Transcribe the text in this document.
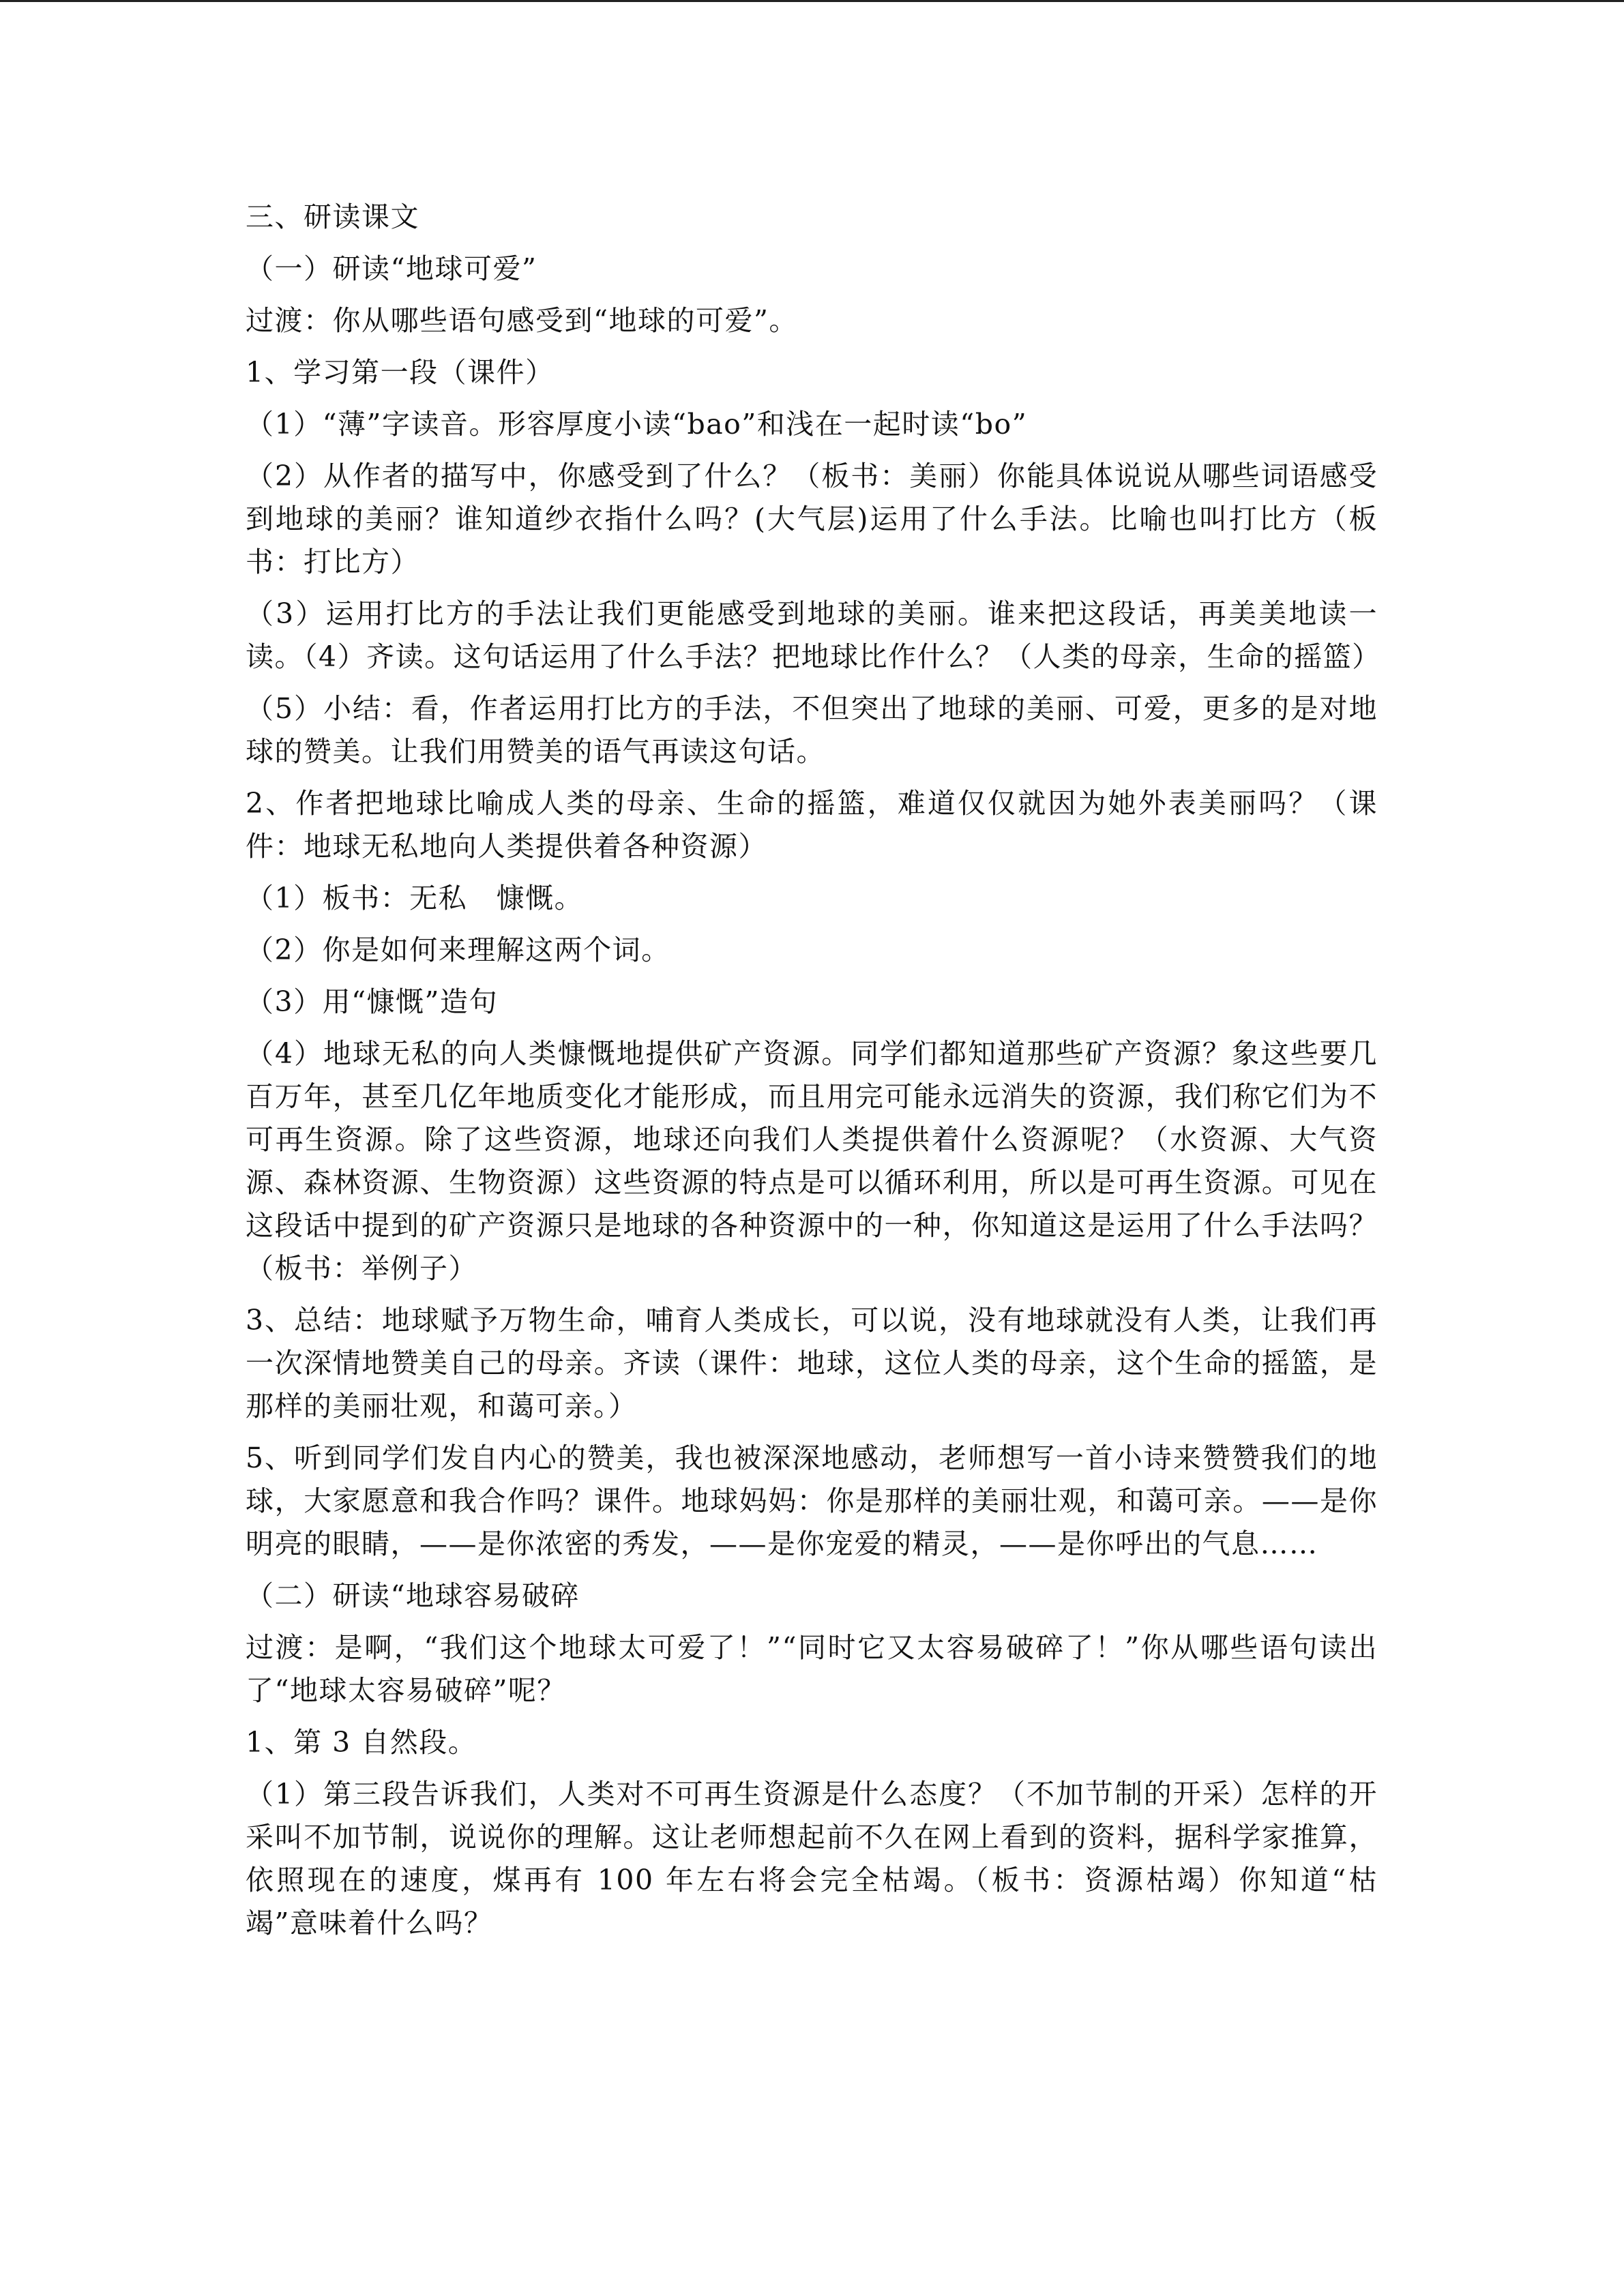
三、研读课文

（一）研读“地球可爱”

过渡：你从哪些语句感受到“地球的可爱”。

1、学习第一段（课件）

（1）“薄”字读音。形容厚度小读“bao”和浅在一起时读“bo”

（2）从作者的描写中，你感受到了什么？（板书：美丽）你能具体说说从哪些词语感受到地球的美丽？谁知道纱衣指什么吗？(大气层)运用了什么手法。比喻也叫打比方（板书：打比方）

（3）运用打比方的手法让我们更能感受到地球的美丽。谁来把这段话，再美美地读一读。（4）齐读。这句话运用了什么手法？把地球比作什么？（人类的母亲，生命的摇篮）

（5）小结：看，作者运用打比方的手法，不但突出了地球的美丽、可爱，更多的是对地球的赞美。让我们用赞美的语气再读这句话。

2、作者把地球比喻成人类的母亲、生命的摇篮，难道仅仅就因为她外表美丽吗？（课件：地球无私地向人类提供着各种资源）

（1）板书：无私　慷慨。

（2）你是如何来理解这两个词。

（3）用“慷慨”造句

（4）地球无私的向人类慷慨地提供矿产资源。同学们都知道那些矿产资源？象这些要几百万年，甚至几亿年地质变化才能形成，而且用完可能永远消失的资源，我们称它们为不可再生资源。除了这些资源，地球还向我们人类提供着什么资源呢？（水资源、大气资源、森林资源、生物资源）这些资源的特点是可以循环利用，所以是可再生资源。可见在这段话中提到的矿产资源只是地球的各种资源中的一种，你知道这是运用了什么手法吗？（板书：举例子）

3、总结：地球赋予万物生命，哺育人类成长，可以说，没有地球就没有人类，让我们再一次深情地赞美自己的母亲。齐读（课件：地球，这位人类的母亲，这个生命的摇篮，是那样的美丽壮观，和蔼可亲。）

5、听到同学们发自内心的赞美，我也被深深地感动，老师想写一首小诗来赞赞我们的地球，大家愿意和我合作吗？课件。地球妈妈：你是那样的美丽壮观，和蔼可亲。——是你明亮的眼睛，——是你浓密的秀发，——是你宠爱的精灵，——是你呼出的气息……

（二）研读“地球容易破碎

过渡：是啊，“我们这个地球太可爱了！”“同时它又太容易破碎了！”你从哪些语句读出了“地球太容易破碎”呢？

1、第 3 自然段。

（1）第三段告诉我们，人类对不可再生资源是什么态度？（不加节制的开采）怎样的开采叫不加节制，说说你的理解。这让老师想起前不久在网上看到的资料，据科学家推算，依照现在的速度，煤再有 100 年左右将会完全枯竭。（板书：资源枯竭）你知道“枯竭”意味着什么吗？
